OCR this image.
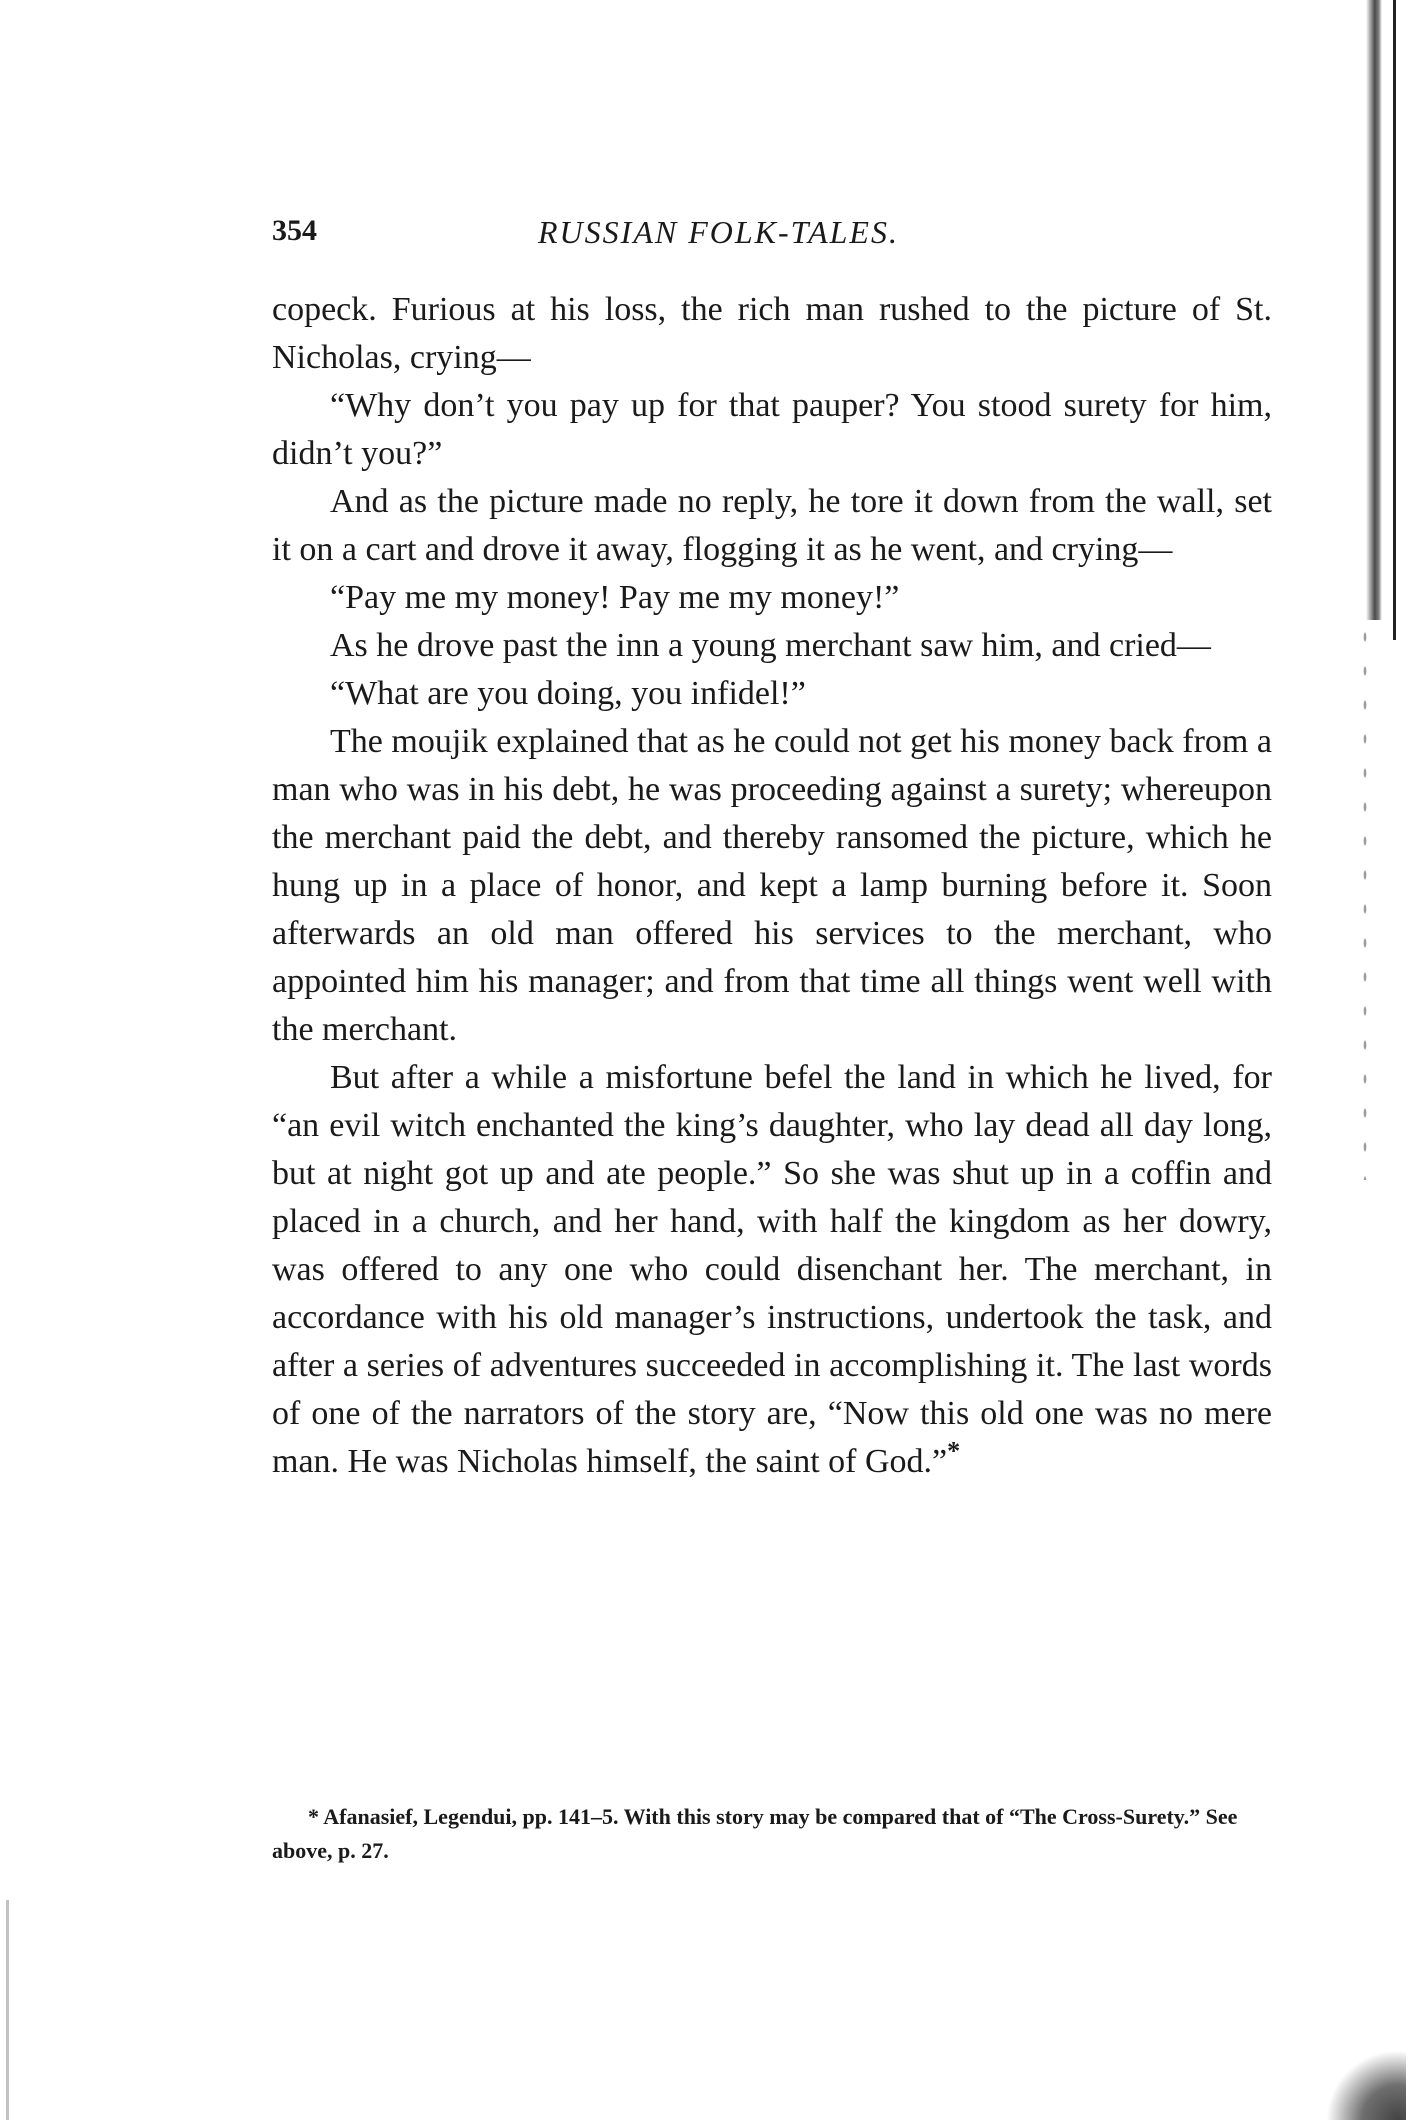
354	RUSSIAN FOLK-TALES.

copeck. Furious at his loss, the rich man rushed to the picture of St. Nicholas, crying—

“Why don’t you pay up for that pauper? You stood surety for him, didn’t you?”

And as the picture made no reply, he tore it down from the wall, set it on a cart and drove it away, flogging it as he went, and crying—

“Pay me my money! Pay me my money!”

As he drove past the inn a young merchant saw him, and cried—

“What are you doing, you infidel!”

The moujik explained that as he could not get his money back from a man who was in his debt, he was proceeding against a surety; whereupon the merchant paid the debt, and thereby ransomed the picture, which he hung up in a place of honor, and kept a lamp burning before it. Soon afterwards an old man offered his services to the merchant, who appointed him his manager; and from that time all things went well with the merchant.

But after a while a misfortune befel the land in which he lived, for “an evil witch enchanted the king’s daughter, who lay dead all day long, but at night got up and ate people.” So she was shut up in a coffin and placed in a church, and her hand, with half the kingdom as her dowry, was offered to any one who could disenchant her. The merchant, in accordance with his old manager’s instructions, undertook the task, and after a series of adventures succeeded in accomplishing it. The last words of one of the narrators of the story are, “Now this old one was no mere man. He was Nicholas himself, the saint of God.”*

* Afanasief, Legendui, pp. 141–5. With this story may be compared that of “The Cross-Surety.” See above, p. 27.
